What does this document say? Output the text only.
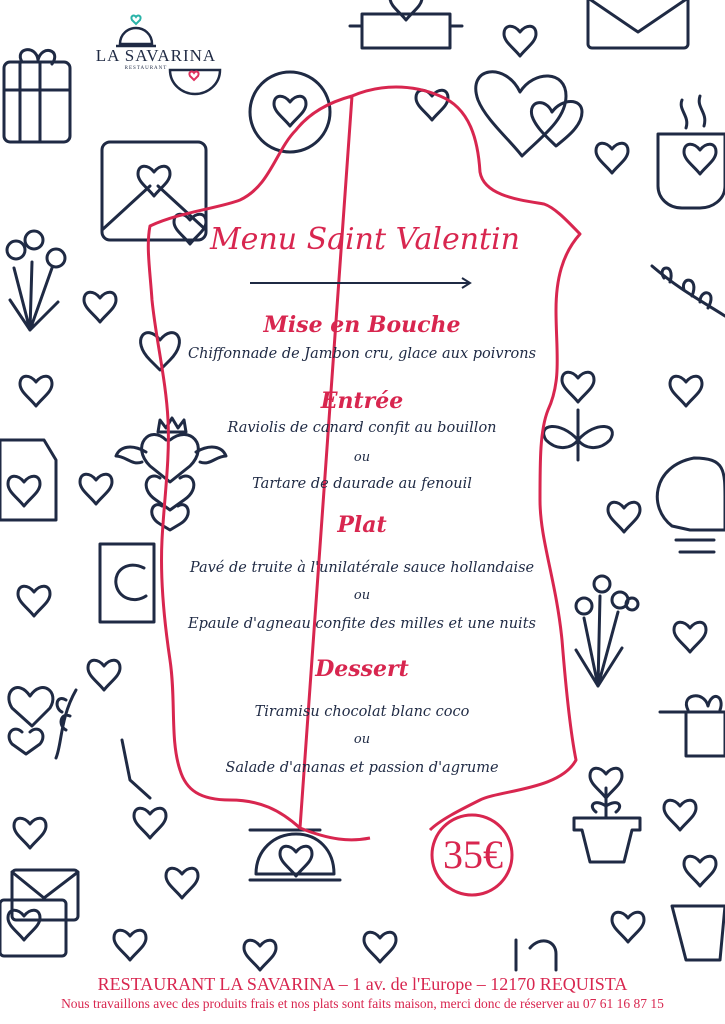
LA SAVARINA
RESTAURANT
Menu Saint Valentin
Mise en Bouche
Chiffonnade de Jambon cru, glace aux poivrons
Entrée
Raviolis de canard confit au bouillon
ou
Tartare de daurade au fenouil
Plat
Pavé de truite à l'unilatérale sauce hollandaise
ou
Epaule d'agneau confite des milles et une nuits
Dessert
Tiramisu chocolat blanc coco
ou
Salade d'ananas et passion d'agrume
35€
RESTAURANT LA SAVARINA – 1 av. de l'Europe – 12170 REQUISTA
Nous travaillons avec des produits frais et nos plats sont faits maison, merci donc de réserver au 07 61 16 87 15
